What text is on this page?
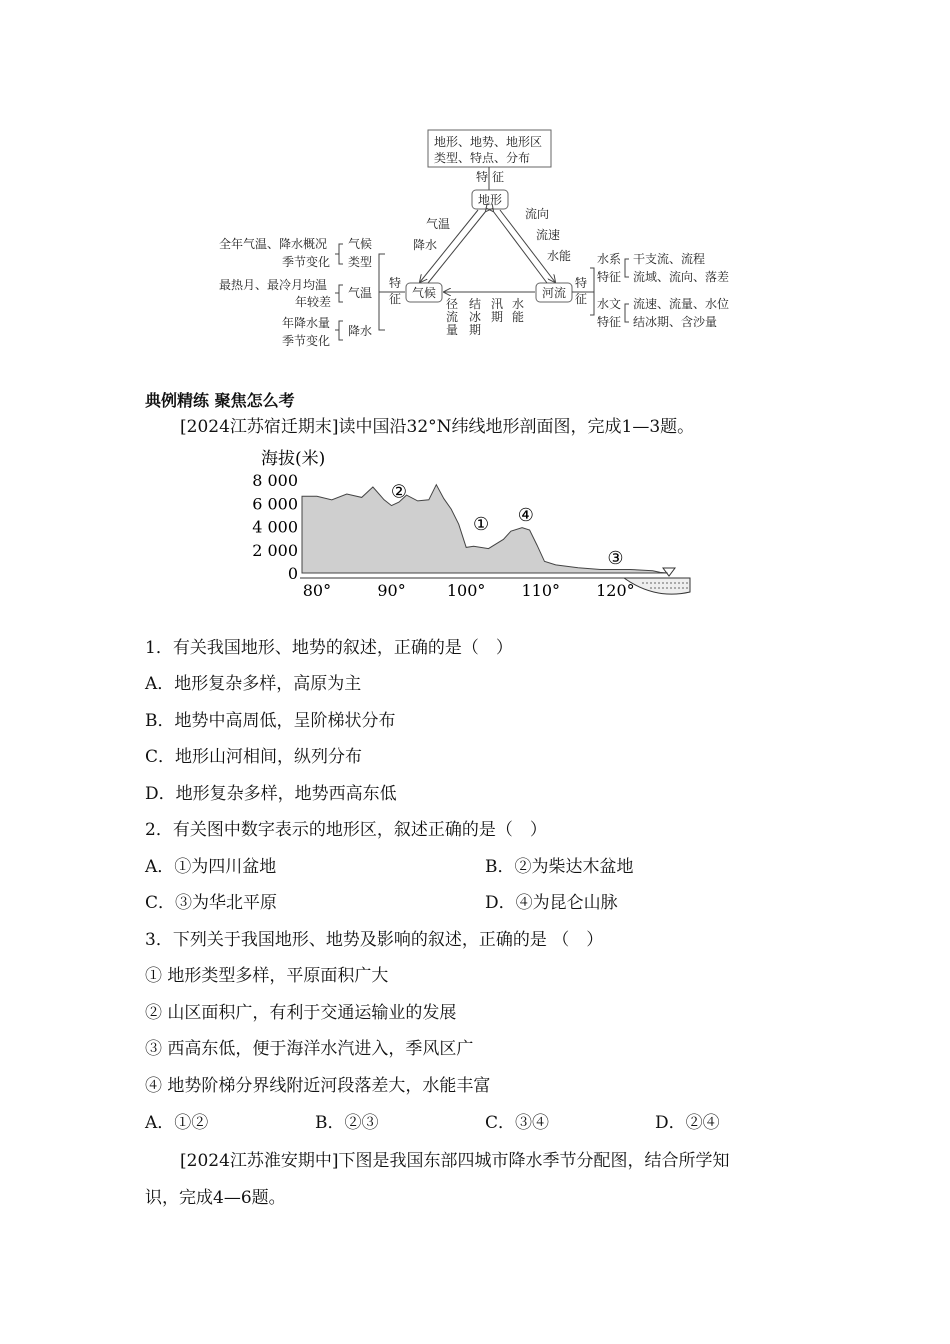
地形、地势、地形区
类型、特点、分布
特 征
地形
气候	河流
气温
降水
流向
流速
水能
径
流
量
结
冰
期
汛
期
水
能
特
征
气候
类型
全年气温、降水概况
季节变化
气温
最热月、最冷月均温
年较差
降水
年降水量
季节变化
特
征
水系
特征
干支流、流程
流域、流向、落差
水文
特征
流速、流量、水位
结冰期、含沙量
典例精练 聚焦怎么考
[2024江苏宿迁期末]读中国沿32°N纬线地形剖面图，完成1—3题。
海拔(米)
8 000
6 000
4 000
2 000
0
80°	90°	100° 110° 120°
①
②
③
④
1．有关我国地形、地势的叙述，正确的是（　）
A．地形复杂多样，高原为主
B．地势中高周低，呈阶梯状分布
C．地形山河相间，纵列分布
D．地形复杂多样，地势西高东低
2．有关图中数字表示的地形区，叙述正确的是（　）
A．①为四川盆地	B．②为柴达木盆地
C．③为华北平原	D．④为昆仑山脉
3．下列关于我国地形、地势及影响的叙述，正确的是 （　）
① 地形类型多样，平原面积广大
② 山区面积广，有利于交通运输业的发展
③ 西高东低，便于海洋水汽进入，季风区广
④ 地势阶梯分界线附近河段落差大，水能丰富
A．①②	B．②③	C．③④	D．②④
[2024江苏淮安期中]下图是我国东部四城市降水季节分配图，结合所学知
识，完成4—6题。
